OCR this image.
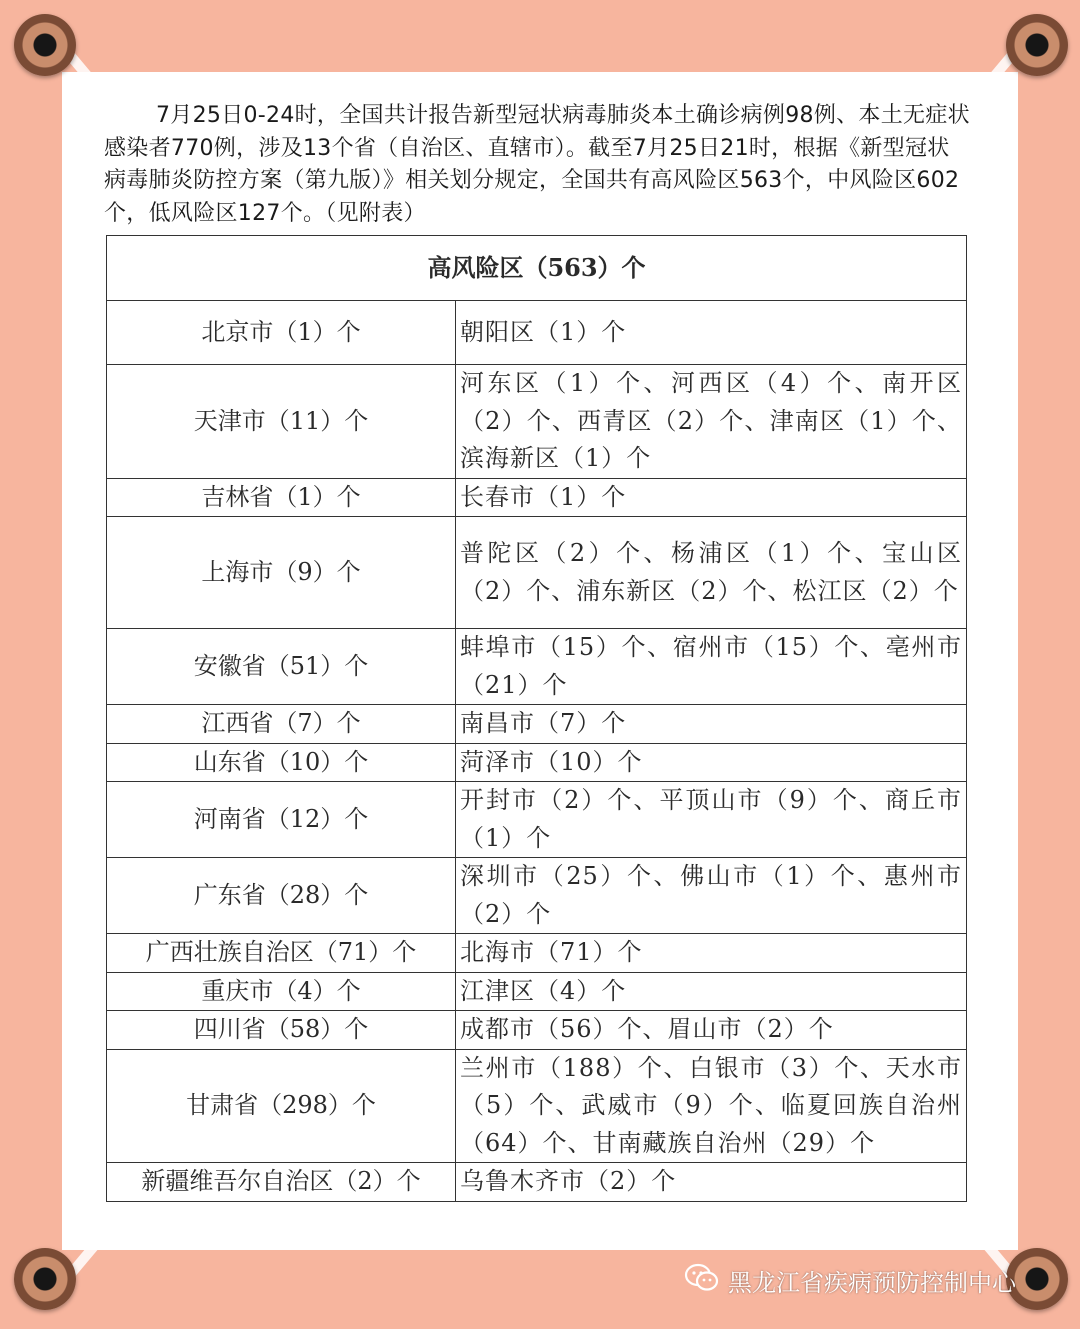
7月25日0-24时，全国共计报告新型冠状病毒肺炎本土确诊病例98例、本土无症状感染者770例，涉及13个省（自治区、直辖市）。截至7月25日21时，根据《新型冠状病毒肺炎防控方案（第九版）》相关划分规定，全国共有高风险区563个，中风险区602个，低风险区127个。（见附表）

高风险区（563）个	
北京市（1）个	朝阳区（1）个
天津市（11）个	河东区（1）个、河西区（4）个、南开区（2）个、西青区（2）个、津南区（1）个、滨海新区（1）个
吉林省（1）个	长春市（1）个
上海市（9）个	普陀区（2）个、杨浦区（1）个、宝山区（2）个、浦东新区（2）个、松江区（2）个
安徽省（51）个	蚌埠市（15）个、宿州市（15）个、亳州市（21）个
江西省（7）个	南昌市（7）个
山东省（10）个	菏泽市（10）个
河南省（12）个	开封市（2）个、平顶山市（9）个、商丘市（1）个
广东省（28）个	深圳市（25）个、佛山市（1）个、惠州市（2）个
广西壮族自治区（71）个	北海市（71）个
重庆市（4）个	江津区（4）个
四川省（58）个	成都市（56）个、眉山市（2）个
甘肃省（298）个	兰州市（188）个、白银市（3）个、天水市（5）个、武威市（9）个、临夏回族自治州（64）个、甘南藏族自治州（29）个
新疆维吾尔自治区（2）个	乌鲁木齐市（2）个
黑龙江省疾病预防控制中心
